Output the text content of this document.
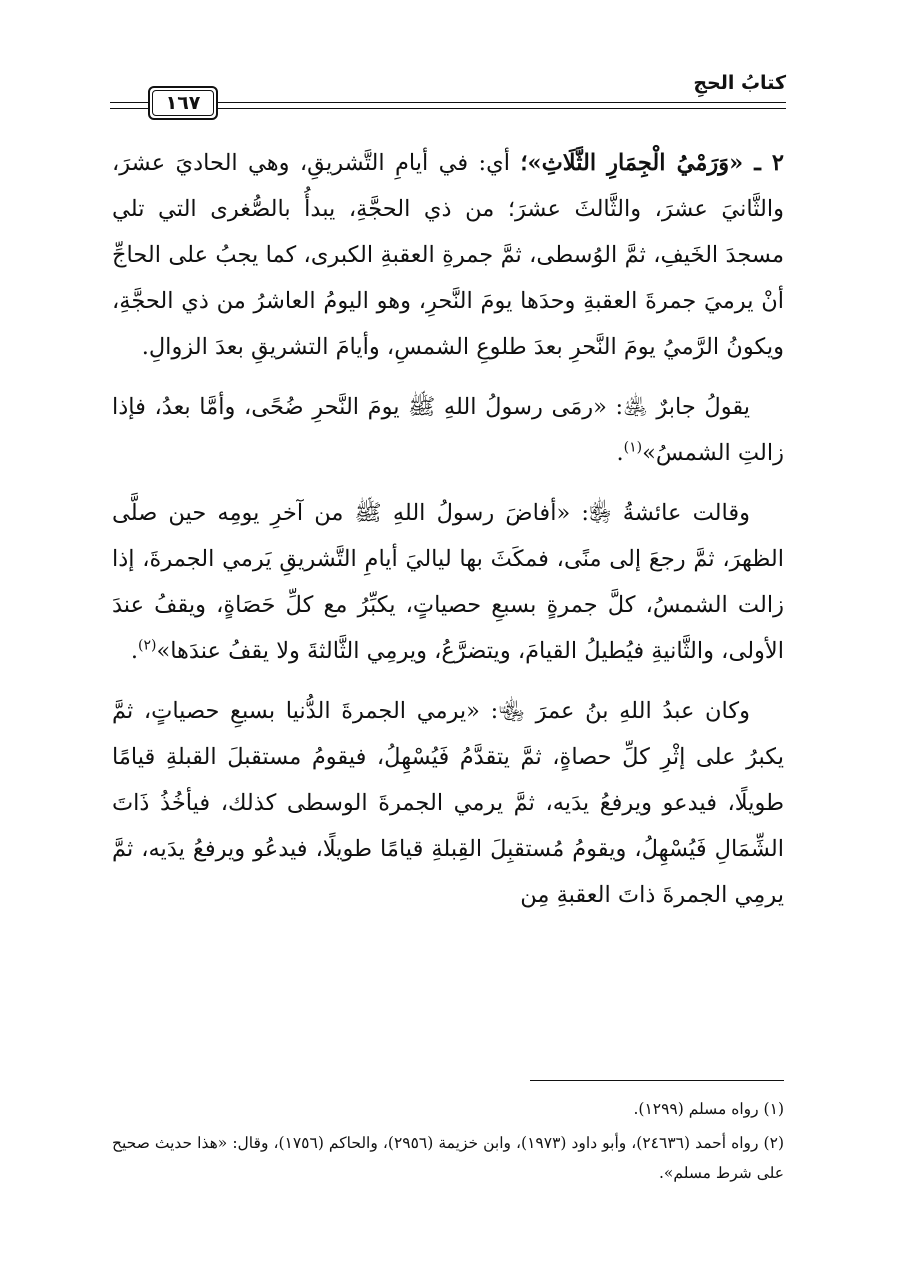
١٦٧
كتابُ الحجِ

٢ ـ «وَرَمْيُ الْجِمَارِ الثَّلَاثِ»؛ أي: في أيامِ التَّشريقِ، وهي الحاديَ عشرَ، والثَّانيَ عشرَ، والثَّالثَ عشرَ؛ من ذي الحجَّةِ، يبدأُ بالصُّغرى التي تلي مسجدَ الخَيفِ، ثمَّ الوُسطى، ثمَّ جمرةِ العقبةِ الكبرى، كما يجبُ على الحاجِّ أنْ يرميَ جمرةَ العقبةِ وحدَها يومَ النَّحرِ، وهو اليومُ العاشرُ من ذي الحجَّةِ، ويكونُ الرَّميُ يومَ النَّحرِ بعدَ طلوعِ الشمسِ، وأيامَ التشريقِ بعدَ الزوالِ.

يقولُ جابرٌ ﵁: «رمَى رسولُ اللهِ ﷺ يومَ النَّحرِ ضُحًى، وأمَّا بعدُ، فإذا زالتِ الشمسُ»$^{(١)}$.

وقالت عائشةُ ﵂: «أفاضَ رسولُ اللهِ ﷺ من آخرِ يومِه حين صلَّى الظهرَ، ثمَّ رجعَ إلى منًى، فمكَثَ بها لياليَ أيامِ التَّشريقِ يَرمي الجمرةَ، إذا زالت الشمسُ، كلَّ جمرةٍ بسبعِ حصياتٍ، يكبِّرُ مع كلِّ حَصَاةٍ، ويقفُ عندَ الأولى، والثَّانيةِ فيُطيلُ القيامَ، ويتضرَّعُ، ويرمِي الثَّالثةَ ولا يقفُ عندَها»$^{(٢)}$.

وكان عبدُ اللهِ بنُ عمرَ ﵄: «يرمي الجمرةَ الدُّنيا بسبعِ حصياتٍ، ثمَّ يكبرُ على إثْرِ كلِّ حصاةٍ، ثمَّ يتقدَّمُ فَيُسْهِلُ، فيقومُ مستقبلَ القبلةِ قيامًا طويلًا، فيدعو ويرفعُ يدَيه، ثمَّ يرمي الجمرةَ الوسطى كذلك، فيأخُذُ ذَاتَ الشِّمَالِ فَيُسْهِلُ، ويقومُ مُستقبِلَ القِبلةِ قيامًا طويلًا، فيدعُو ويرفعُ يدَيه، ثمَّ يرمِي الجمرةَ ذاتَ العقبةِ مِن

(١) رواه مسلم (١٢٩٩).

(٢) رواه أحمد (٢٤٦٣٦)، وأبو داود (١٩٧٣)، وابن خزيمة (٢٩٥٦)، والحاكم (١٧٥٦)، وقال: «هذا حديث صحيح على شرط مسلم».
